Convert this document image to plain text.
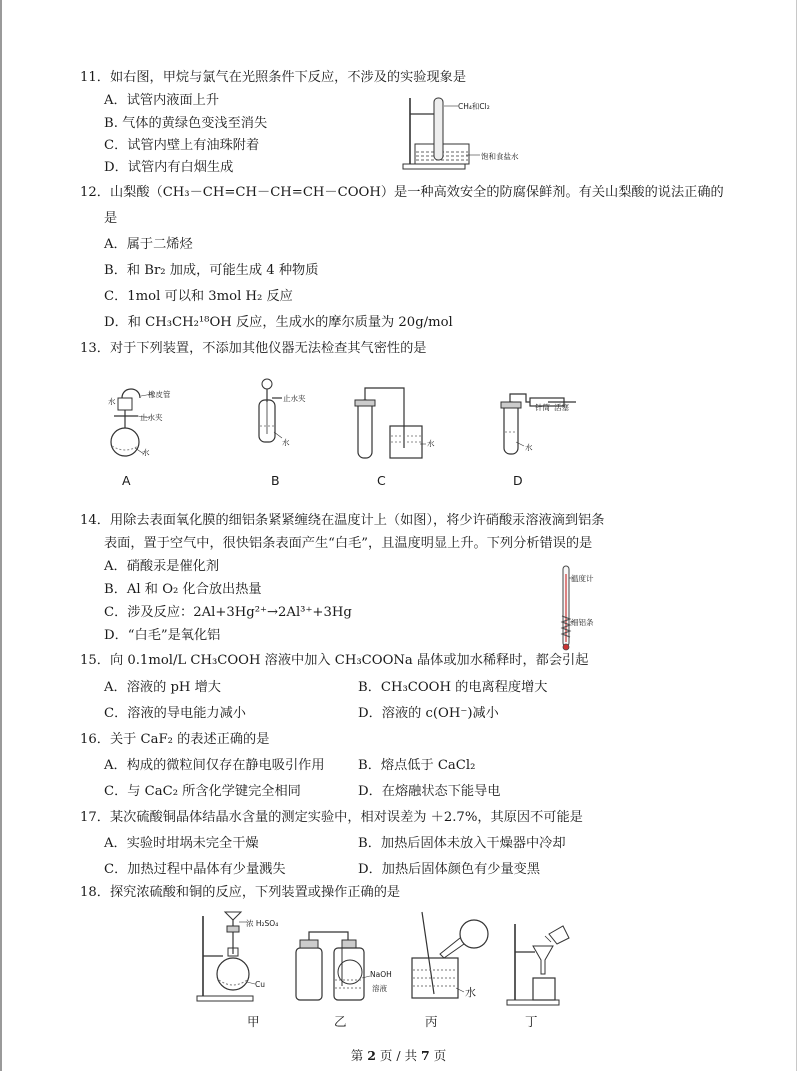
11．如右图，甲烷与氯气在光照条件下反应，不涉及的实验现象是
A．试管内液面上升
B. 气体的黄绿色变浅至消失
C．试管内壁上有油珠附着
D．试管内有白烟生成
CH₄和Cl₂
饱和食盐水
12．山梨酸（CH₃－CH=CH－CH=CH－COOH）是一种高效安全的防腐保鲜剂。有关山梨酸的说法正确的
是
A．属于二烯烃
B．和 Br₂ 加成，可能生成 4 种物质
C．1mol 可以和 3mol H₂ 反应
D．和 CH₃CH₂¹⁸OH 反应，生成水的摩尔质量为 20g/mol
13．对于下列装置，不添加其他仪器无法检查其气密性的是
橡皮管
止水夹
水
水
止水夹
水	水
针筒 活塞
水
A	B	C	D
14．用除去表面氧化膜的细铝条紧紧缠绕在温度计上（如图），将少许硝酸汞溶液滴到铝条
表面，置于空气中，很快铝条表面产生“白毛”，且温度明显上升。下列分析错误的是
A．硝酸汞是催化剂
B．Al 和 O₂ 化合放出热量
C．涉及反应：2Al+3Hg²⁺→2Al³⁺+3Hg
D．“白毛”是氧化铝
温度计
细铝条
15．向 0.1mol/L CH₃COOH 溶液中加入 CH₃COONa 晶体或加水稀释时，都会引起
A．溶液的 pH 增大	B．CH₃COOH 的电离程度增大
C．溶液的导电能力减小	D．溶液的 c(OH⁻)减小
16．关于 CaF₂ 的表述正确的是
A．构成的微粒间仅存在静电吸引作用	B．熔点低于 CaCl₂
C．与 CaC₂ 所含化学键完全相同	D．在熔融状态下能导电
17．某次硫酸铜晶体结晶水含量的测定实验中，相对误差为 ＋2.7%，其原因不可能是
A．实验时坩埚未完全干燥	B．加热后固体未放入干燥器中冷却
C．加热过程中晶体有少量溅失	D．加热后固体颜色有少量变黑
18．探究浓硫酸和铜的反应，下列装置或操作正确的是
浓 H₂SO₄
Cu
NaOH
溶液	水
甲	乙	丙	丁
第 2 页 / 共 7 页
